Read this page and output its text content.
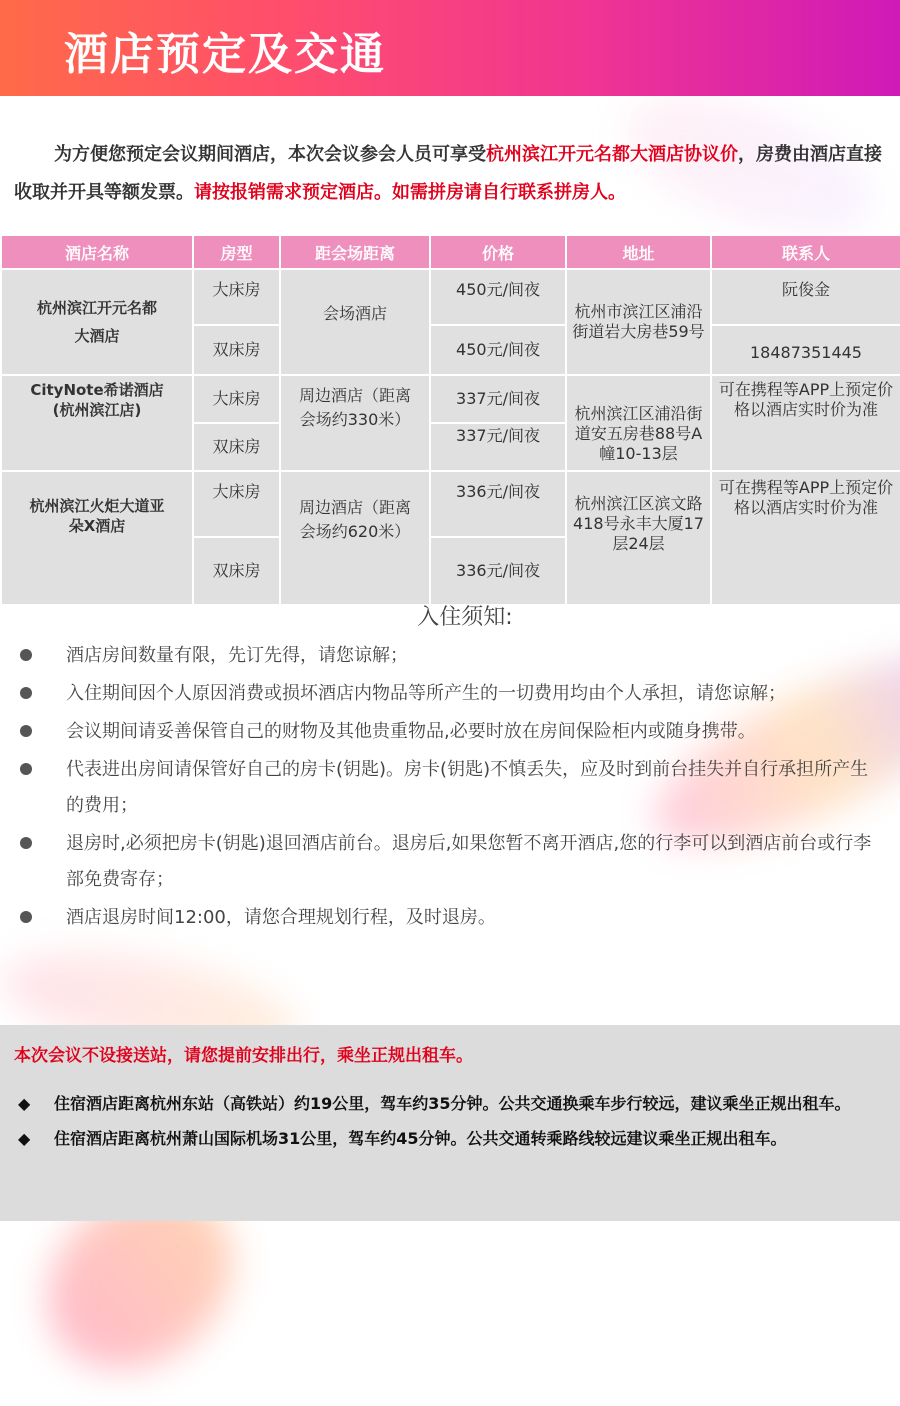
酒店预定及交通

为方便您预定会议期间酒店，本次会议参会人员可享受杭州滨江开元名都大酒店协议价，房费由酒店直接收取并开具等额发票。请按报销需求预定酒店。如需拼房请自行联系拼房人。

酒店名称	房型	距会场距离	价格	地址	联系人
杭州滨江开元名都大酒店	大床房	会场酒店	450元/间夜	杭州市滨江区浦沿街道岩大房巷59号	阮俊金
	双床房		450元/间夜		18487351445
CityNote希诺酒店(杭州滨江店)	大床房	周边酒店（距离会场约330米）	337元/间夜	杭州滨江区浦沿街道安五房巷88号A幢10-13层	可在携程等APP上预定价格以酒店实时价为准
	双床房		337元/间夜		
杭州滨江火炬大道亚朵X酒店	大床房	周边酒店（距离会场约620米）	336元/间夜	杭州滨江区滨文路418号永丰大厦17层24层	可在携程等APP上预定价格以酒店实时价为准
	双床房		336元/间夜		
入住须知:
酒店房间数量有限，先订先得，请您谅解；
入住期间因个人原因消费或损坏酒店内物品等所产生的一切费用均由个人承担，请您谅解；
会议期间请妥善保管自己的财物及其他贵重物品,必要时放在房间保险柜内或随身携带。
代表进出房间请保管好自己的房卡(钥匙)。房卡(钥匙)不慎丢失，应及时到前台挂失并自行承担所产生的费用；
退房时,必须把房卡(钥匙)退回酒店前台。退房后,如果您暂不离开酒店,您的行李可以到酒店前台或行李部免费寄存；
酒店退房时间12:00，请您合理规划行程，及时退房。

本次会议不设接送站，请您提前安排出行，乘坐正规出租车。

◆ 住宿酒店距离杭州东站（高铁站）约19公里，驾车约35分钟。公共交通换乘车步行较远，建议乘坐正规出租车。
◆ 住宿酒店距离杭州萧山国际机场31公里，驾车约45分钟。公共交通转乘路线较远建议乘坐正规出租车。
